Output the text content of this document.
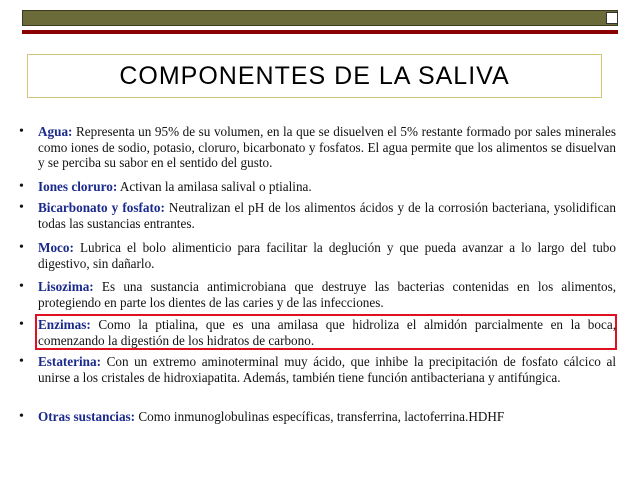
COMPONENTES DE LA SALIVA
• Agua: Representa un 95% de su volumen, en la que se disuelven el 5% restante formado por sales minerales como iones de sodio, potasio, cloruro, bicarbonato y fosfatos. El agua permite que los alimentos se disuelvan y se perciba su sabor en el sentido del gusto.
• Iones cloruro: Activan la amilasa salival o ptialina.
• Bicarbonato y fosfato: Neutralizan el pH de los alimentos ácidos y de la corrosión bacteriana, ysolidifican todas las sustancias entrantes.
• Moco: Lubrica el bolo alimenticio para facilitar la deglución y que pueda avanzar a lo largo del tubo digestivo, sin dañarlo.
• Lisozima: Es una sustancia antimicrobiana que destruye las bacterias contenidas en los alimentos, protegiendo en parte los dientes de las caries y de las infecciones.
• Enzimas: Como la ptialina, que es una amilasa que hidroliza el almidón parcialmente en la boca, comenzando la digestión de los hidratos de carbono.
• Estaterina: Con un extremo aminoterminal muy ácido, que inhibe la precipitación de fosfato cálcico al unirse a los cristales de hidroxiapatita. Además, también tiene función antibacteriana y antifúngica.
• Otras sustancias: Como inmunoglobulinas específicas, transferrina, lactoferrina.HDHF
